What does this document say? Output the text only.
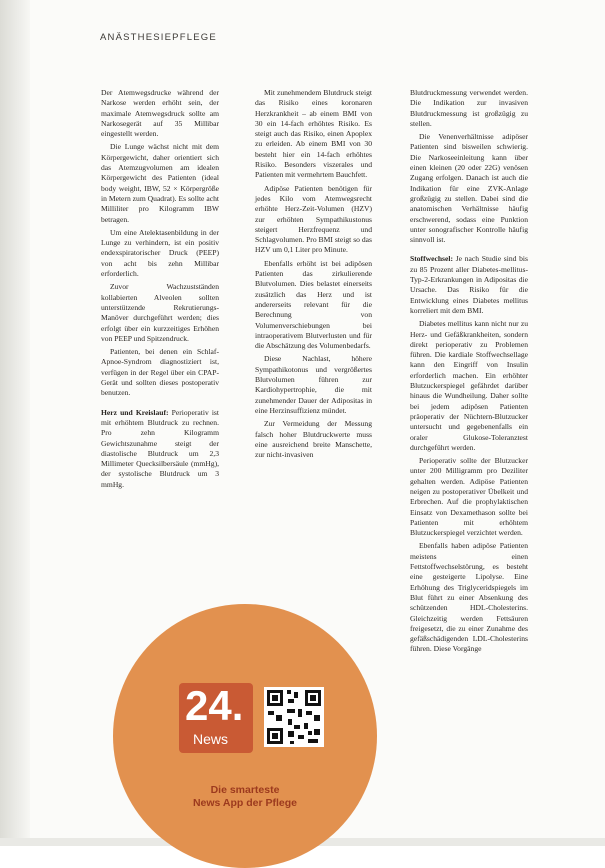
ANÄSTHESIEPFLEGE

Der Atemwegsdrucke während der Narkose werden erhöht sein, der maximale Atemwegsdruck sollte am Narkosegerät auf 35 Millibar eingestellt werden.

Die Lunge wächst nicht mit dem Körpergewicht, daher orientiert sich das Atemzugvolumen am idealen Körpergewicht des Patienten (ideal body weight, IBW, 52 × Körpergröße in Metern zum Quadrat). Es sollte acht Milliliter pro Kilogramm IBW betragen.

Um eine Atelektasenbildung in der Lunge zu verhindern, ist ein positiv endexspiratorischer Druck (PEEP) von acht bis zehn Millibar erforderlich.

Zuvor Wachzustständen kollabierten Alveolen sollten unterstützende Rekrutierungs-Manöver durchgeführt werden; dies erfolgt über ein kurzzeitiges Erhöhen von PEEP und Spitzendruck.

Patienten, bei denen ein Schlaf-Apnoe-Syndrom diagnostiziert ist, verfügen in der Regel über ein CPAP-Gerät und sollten dieses postoperativ benutzen.

Herz und Kreislauf: Perioperativ ist mit erhöhtem Blutdruck zu rechnen. Pro zehn Kilogramm Gewichtszunahme steigt der diastolische Blutdruck um 2,3 Millimeter Quecksilbersäule (mmHg), der systolische Blutdruck um 3 mmHg.

Mit zunehmendem Blutdruck steigt das Risiko eines koronaren Herzkrankheit – ab einem BMI von 30 ein 14-fach erhöhtes Risiko. Es steigt auch das Risiko, einen Apoplex zu erleiden. Ab einem BMI von 30 besteht hier ein 14-fach erhöhtes Risiko. Besonders viszerales und Patienten mit vermehrtem Bauchfett.

Adipöse Patienten benötigen für jedes Kilo vom Atemwegsrecht erhöhte Herz-Zeit-Volumen (HZV) zur erhöhten Sympathikustonus steigert Herzfrequenz und Schlagvolumen. Pro BMI steigt so das HZV um 0,1 Liter pro Minute.

Ebenfalls erhöht ist bei adipösen Patienten das zirkulierende Blutvolumen. Dies belastet einerseits zusätzlich das Herz und ist andererseits relevant für die Berechnung von Volumenverschiebungen bei intraoperativem Blutverlusten und für die Abschätzung des Volumenbedarfs.

Diese Nachlast, höhere Sympathikotonus und vergrößertes Blutvolumen führen zur Kardiohypertrophie, die mit zunehmender Dauer der Adipositas in eine Herzinsuffizienz mündet.

Zur Vermeidung der Messung falsch hoher Blutdruckwerte muss eine ausreichend breite Manschette, zur nicht-invasiven

Blutdruckmessung verwendet werden. Die Indikation zur invasiven Blutdruckmessung ist großzügig zu stellen.

Die Venenverhältnisse adipöser Patienten sind bisweilen schwierig. Die Narkoseeinleitung kann über einen kleinen (20 oder 22G) venösen Zugang erfolgen. Danach ist auch die Indikation für eine ZVK-Anlage großzügig zu stellen. Dabei sind die anatomischen Verhältnisse häufig erschwerend, sodass eine Punktion unter sonografischer Kontrolle häufig sinnvoll ist.

Stoffwechsel: Je nach Studie sind bis zu 85 Prozent aller Diabetes-mellitus-Typ-2-Erkrankungen in Adipositas die Ursache. Das Risiko für die Entwicklung eines Diabetes mellitus korreliert mit dem BMI.

Diabetes mellitus kann nicht nur zu Herz- und Gefäßkrankheiten, sondern direkt perioperativ zu Problemen führen. Die kardiale Stoffwechsellage kann den Eingriff von Insulin erforderlich machen. Ein erhöhter Blutzuckerspiegel gefährdet darüber hinaus die Wundheilung. Daher sollte bei jedem adipösen Patienten präoperativ der Nüchtern-Blutzucker untersucht und gegebenenfalls ein oraler Glukose-Toleranztest durchgeführt werden.

Perioperativ sollte der Blutzucker unter 200 Milligramm pro Deziliter gehalten werden. Adipöse Patienten neigen zu postoperativer Übelkeit und Erbrechen. Auf die prophylaktischen Einsatz von Dexamethason sollte bei Patienten mit erhöhtem Blutzuckerspiegel verzichtet werden.

Ebenfalls haben adipöse Patienten meistens einen Fettstoffwechselstörung, es besteht eine gesteigerte Lipolyse. Eine Erhöhung des Triglyceridspiegels im Blut führt zu einer Absenkung des schützenden HDL-Cholesterins. Gleichzeitig werden Fettsäuren freigesetzt, die zu einer Zunahme des gefäßschädigenden LDL-Cholesterins führen. Diese Vorgänge

24.
News
Die smarteste
News App der Pflege
